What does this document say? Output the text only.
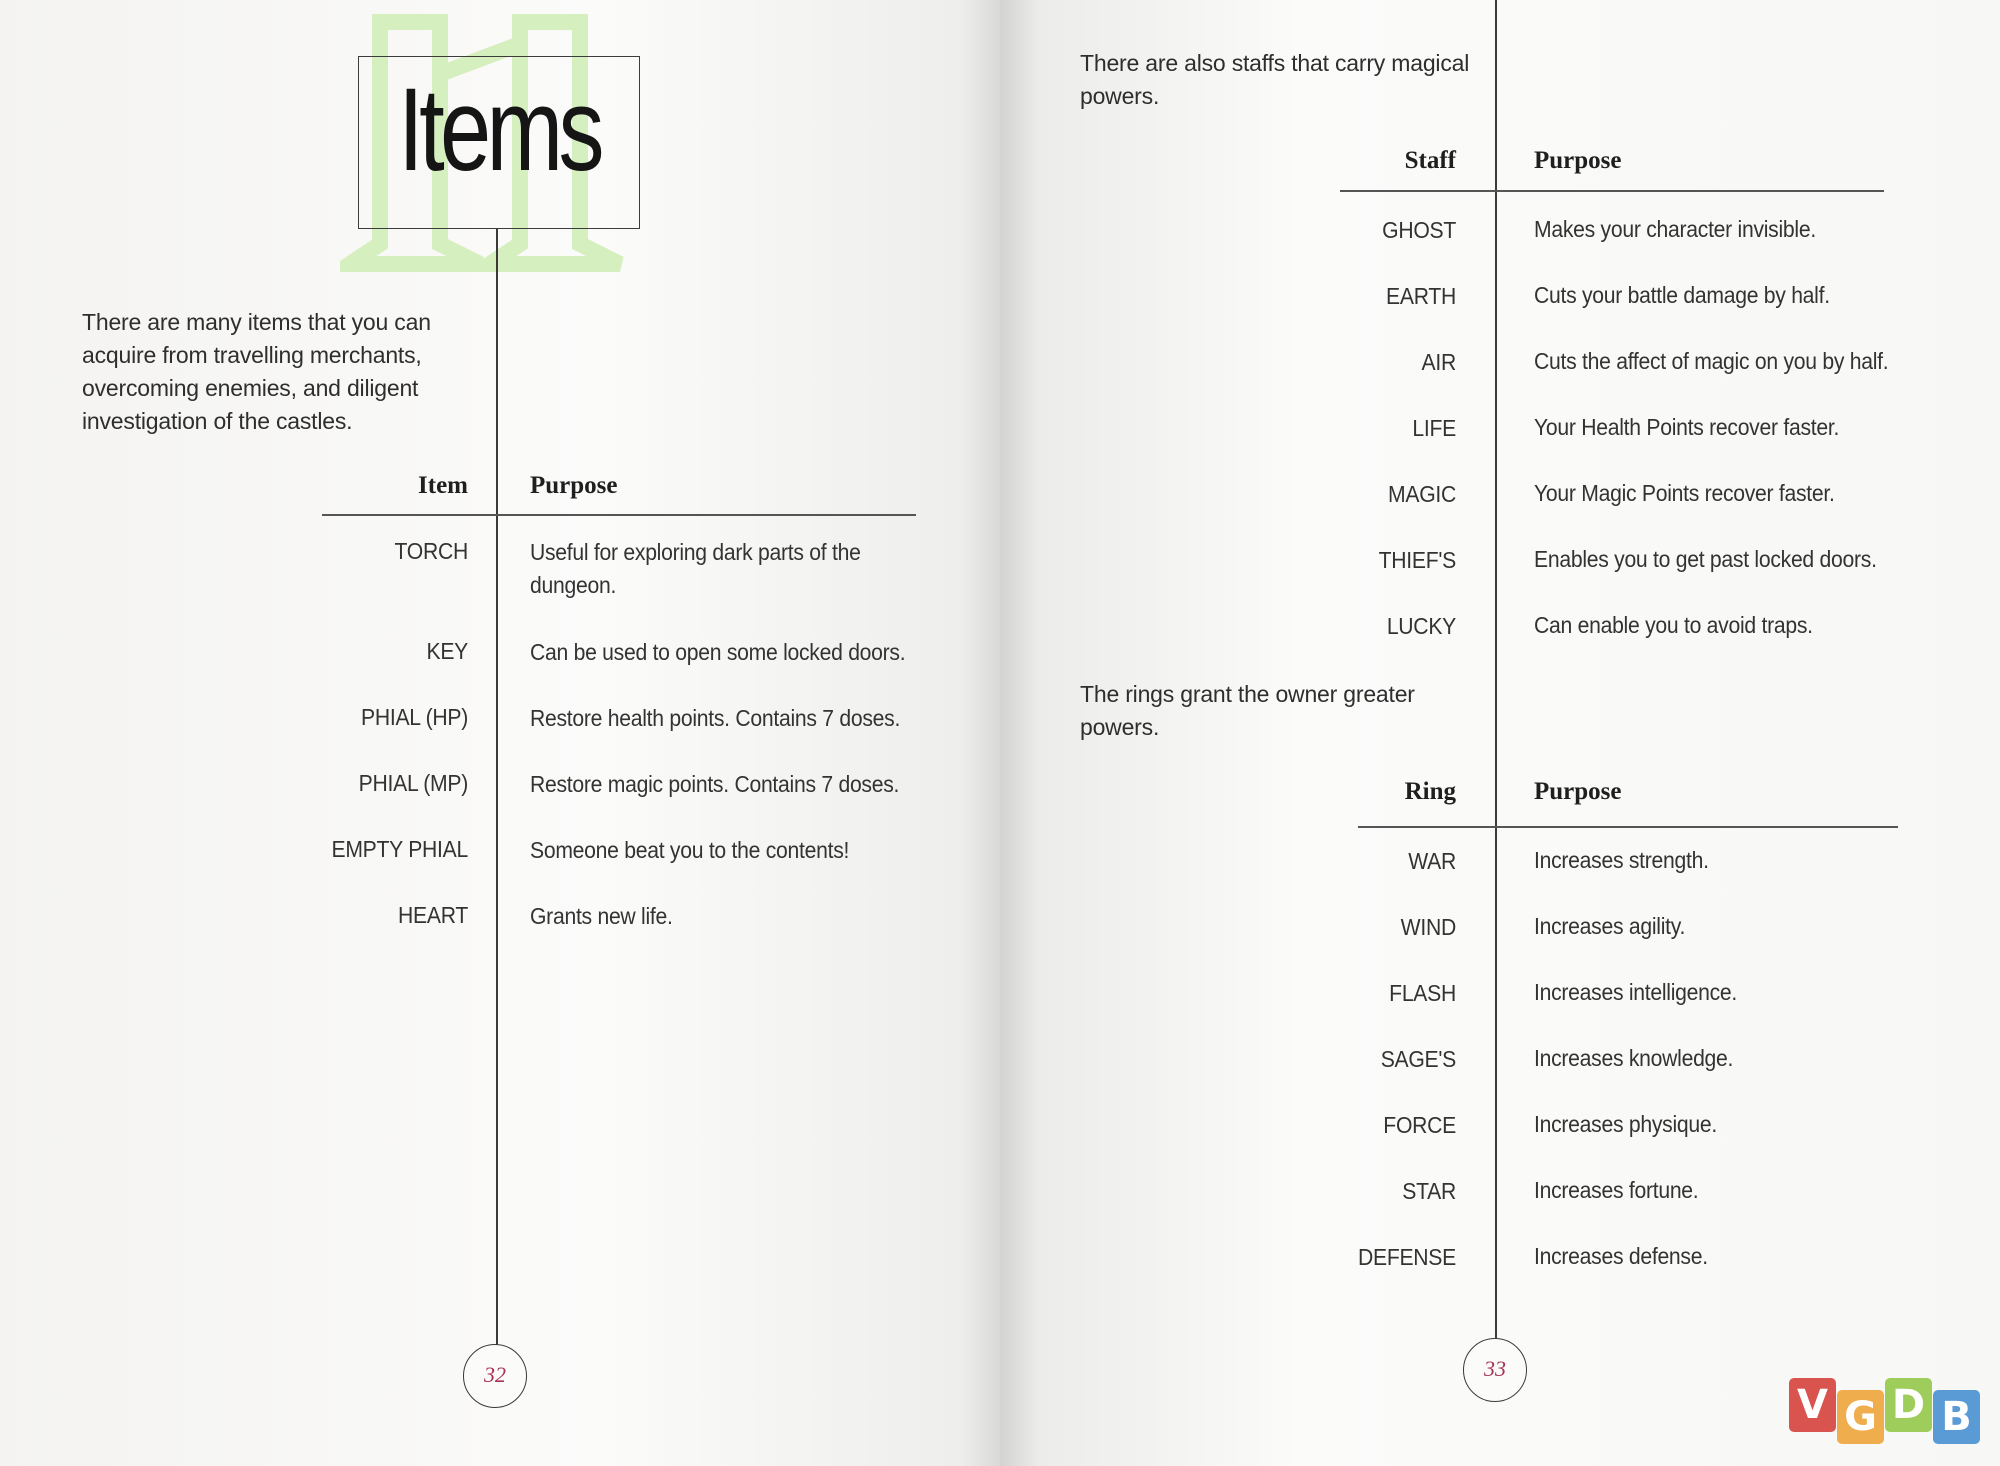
Items
There are many items that you can
acquire from travelling merchants,
overcoming enemies, and diligent
investigation of the castles.
Item Purpose
TORCH	Useful for exploring dark parts of the
dungeon.
KEY	Can be used to open some locked doors.
PHIAL (HP)	Restore health points. Contains 7 doses.
PHIAL (MP)	Restore magic points. Contains 7 doses.
EMPTY PHIAL	Someone beat you to the contents!
HEART	Grants new life.
32
There are also staffs that carry magical
powers.
Staff	Purpose
GHOST	Makes your character invisible.
EARTH	Cuts your battle damage by half.
AIR	Cuts the affect of magic on you by half.
LIFE	Your Health Points recover faster.
MAGIC	Your Magic Points recover faster.
THIEF'S	Enables you to get past locked doors.
LUCKY	Can enable you to avoid traps.
The rings grant the owner greater
powers.
Ring	Purpose
WAR	Increases strength.
WIND	Increases agility.
FLASH	Increases intelligence.
SAGE'S	Increases knowledge.
FORCE	Increases physique.
STAR	Increases fortune.
DEFENSE	Increases defense.
33
V G D B
